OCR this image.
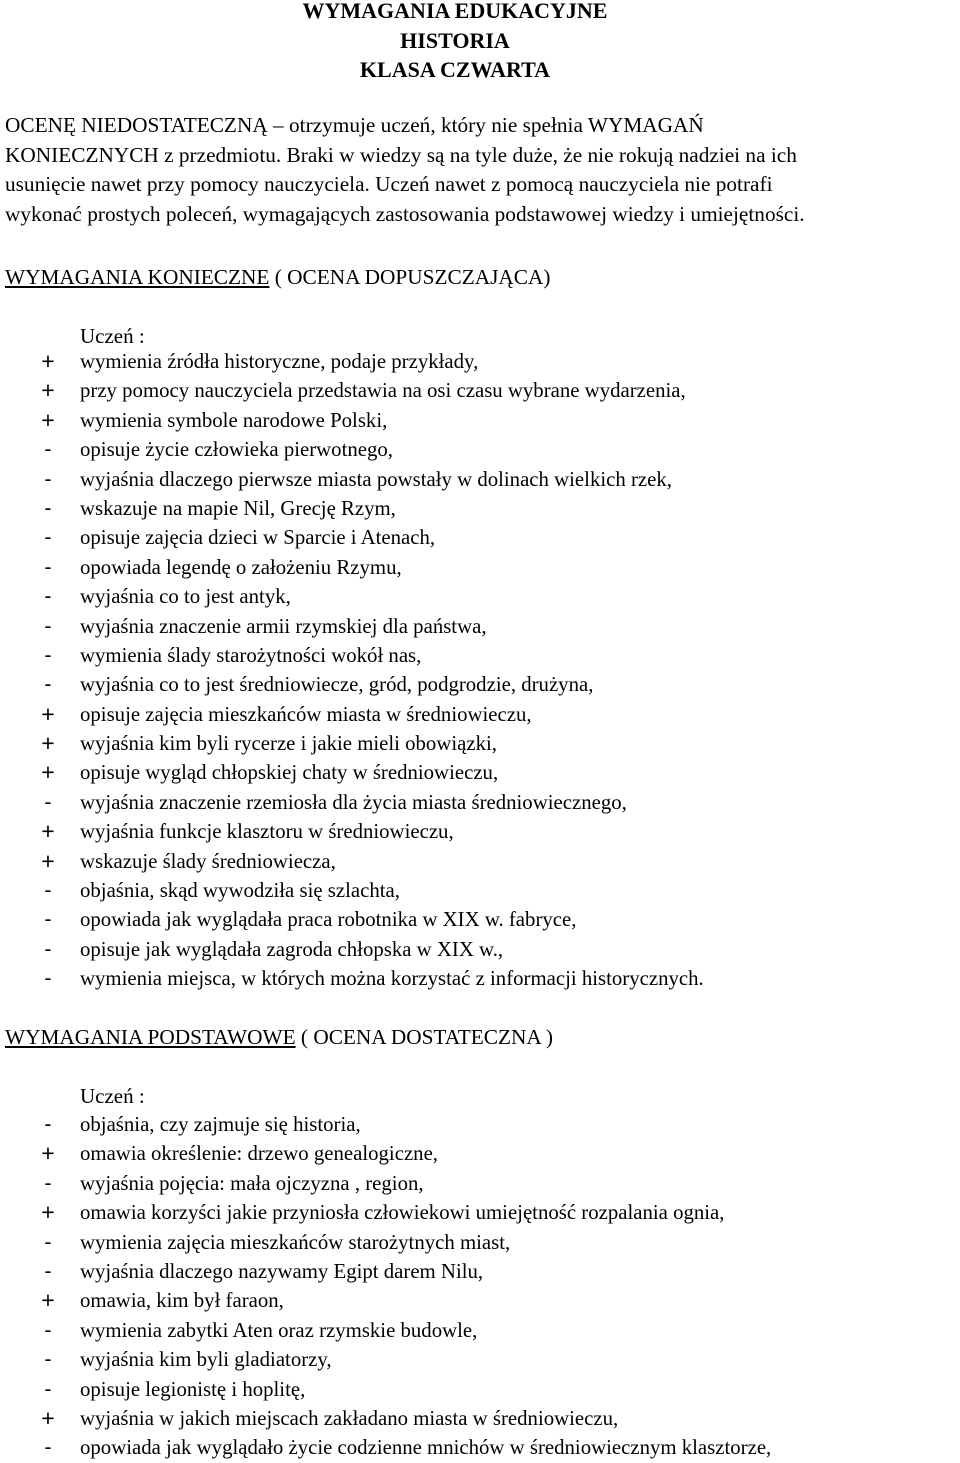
WYMAGANIA EDUKACYJNE
HISTORIA
KLASA CZWARTA
OCENĘ NIEDOSTATECZNĄ – otrzymuje uczeń, który nie spełnia WYMAGAŃ
KONIECZNYCH z przedmiotu. Braki w wiedzy są na tyle duże, że nie rokują nadziei na ich
usunięcie nawet przy pomocy nauczyciela. Uczeń nawet z pomocą nauczyciela nie potrafi
wykonać prostych poleceń, wymagających zastosowania podstawowej wiedzy i umiejętności.
WYMAGANIA KONIECZNE ( OCENA DOPUSZCZAJĄCA)
Uczeń :
+ wymienia źródła historyczne, podaje przykłady,
+ przy pomocy nauczyciela przedstawia na osi czasu wybrane wydarzenia,
+ wymienia symbole narodowe Polski,
-	opisuje życie człowieka pierwotnego,
-	wyjaśnia dlaczego pierwsze miasta powstały w dolinach wielkich rzek,
-	wskazuje na mapie Nil, Grecję Rzym,
-	opisuje zajęcia dzieci w Sparcie i Atenach,
-	opowiada legendę o założeniu Rzymu,
-	wyjaśnia co to jest antyk,
-	wyjaśnia znaczenie armii rzymskiej dla państwa,
-	wymienia ślady starożytności wokół nas,
-	wyjaśnia co to jest średniowiecze, gród, podgrodzie, drużyna,
+ opisuje zajęcia mieszkańców miasta w średniowieczu,
+ wyjaśnia kim byli rycerze i jakie mieli obowiązki,
+ opisuje wygląd chłopskiej chaty w średniowieczu,
-	wyjaśnia znaczenie rzemiosła dla życia miasta średniowiecznego,
+ wyjaśnia funkcje klasztoru w średniowieczu,
+ wskazuje ślady średniowiecza,
-	objaśnia, skąd wywodziła się szlachta,
-	opowiada jak wyglądała praca robotnika w XIX w. fabryce,
-	opisuje jak wyglądała zagroda chłopska w XIX w.,
-	wymienia miejsca, w których można korzystać z informacji historycznych.
WYMAGANIA PODSTAWOWE ( OCENA DOSTATECZNA )
Uczeń :
-	objaśnia, czy zajmuje się historia,
+ omawia określenie: drzewo genealogiczne,
-	wyjaśnia pojęcia: mała ojczyzna , region,
+ omawia korzyści jakie przyniosła człowiekowi umiejętność rozpalania ognia,
-	wymienia zajęcia mieszkańców starożytnych miast,
-	wyjaśnia dlaczego nazywamy Egipt darem Nilu,
+ omawia, kim był faraon,
-	wymienia zabytki Aten oraz rzymskie budowle,
-	wyjaśnia kim byli gladiatorzy,
-	opisuje legionistę i hoplitę,
+ wyjaśnia w jakich miejscach zakładano miasta w średniowieczu,
-	opowiada jak wyglądało życie codzienne mnichów w średniowiecznym klasztorze,
